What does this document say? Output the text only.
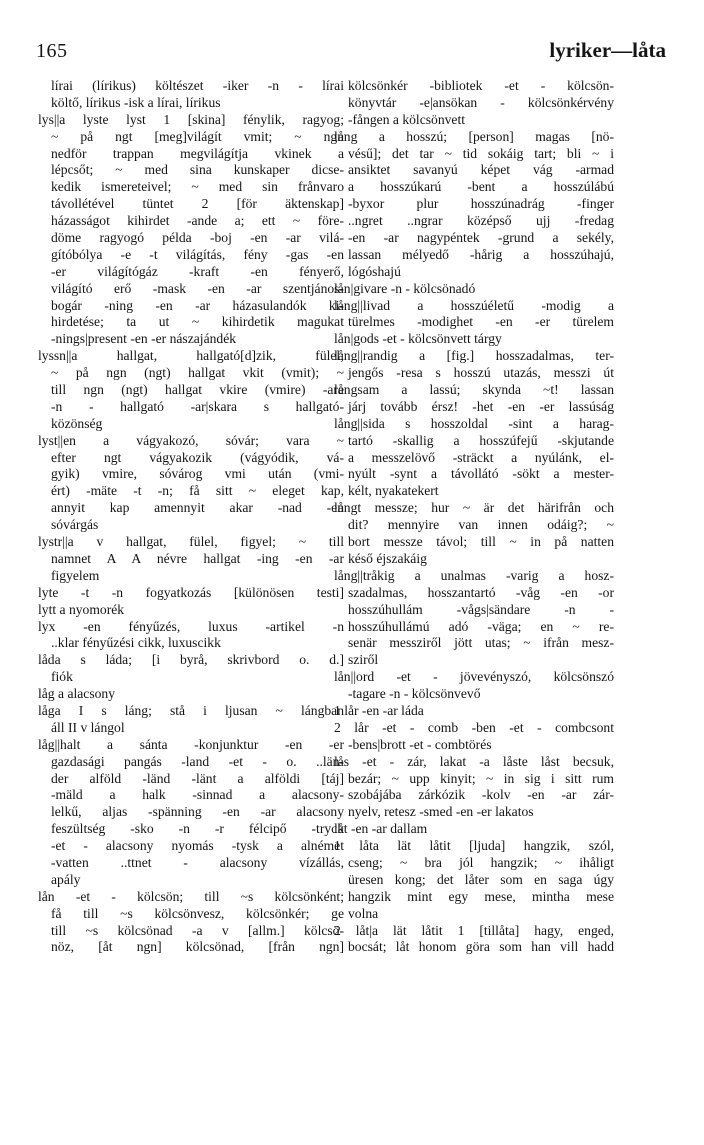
165	lyriker—låta
lírai (lírikus) költészet -iker -n - lírai
költő, lírikus -isk a lírai, lírikus
lys||a lyste lyst 1 [skina] fénylik, ragyog;
~ på ngt [meg]világít vmit; ~ ngn
nedför trappan megvilágítja vkinek a
lépcsőt; ~ med sina kunskaper dicse-
kedik ismereteivel; ~ med sin frånvaro
távollétével tüntet 2 [för äktenskap]
házasságot kihirdet -ande a; ett ~ före-
döme ragyogó példa -boj -en -ar vilá-
gítóbólya -e -t világítás, fény -gas -en
-er világítógáz -kraft -en fényerő,
világító erő -mask -en -ar szentjános-
bogár -ning -en -ar házasulandók ki-
hirdetése; ta ut ~ kihirdetik magukat
-nings|present -en -er nászajándék
lyssn||a hallgat, hallgató[d]zik, fülel;
~ på ngn (ngt) hallgat vkit (vmit); ~
till ngn (ngt) hallgat vkire (vmire) -are
-n - hallgató -ar|skara s hallgató-
közönség
lyst||en a vágyakozó, sóvár; vara ~
efter ngt vágyakozik (vágyódik, vá-
gyik) vmire, sóvárog vmi után (vmi-
ért) -mäte -t -n; få sitt ~ eleget kap,
annyit kap amennyit akar -nad -en
sóvárgás
lystr||a v hallgat, fülel, figyel; ~ till
namnet A A névre hallgat -ing -en -ar
figyelem
lyte -t -n fogyatkozás [különösen testi]
lytt a nyomorék
lyx -en fényűzés, luxus -artikel -n
..klar fényűzési cikk, luxuscikk
låda s láda; [i byrå, skrivbord o. d.]
fiók
låg a alacsony
låga I s láng; stå i ljusan ~ lángban
áll II v lángol
låg||halt a sánta -konjunktur -en -er
gazdasági pangás -land -et - o. ..län-
der alföld -länd -länt a alföldi [táj]
-mäld a halk -sinnad a alacsony-
lelkű, aljas -spänning -en -ar alacsony
feszültség -sko -n -r félcipő -tryck
-et - alacsony nyomás -tysk a alnémet
-vatten ..ttnet - alacsony vízállás,
apály
lån -et - kölcsön; till ~s kölcsönként;
få till ~s kölcsönvesz, kölcsönkér; ge
till ~s kölcsönad -a v [allm.] kölcsö-
nöz, [åt ngn] kölcsönad, [från ngn]
kölcsönkér -bibliotek -et - kölcsön-
könyvtár -e|ansökan - kölcsönkérvény
-fången a kölcsönvett
lång a hosszú; [person] magas [nö-
vésű]; det tar ~ tid sokáig tart; bli ~ i
ansiktet savanyú képet vág -armad
a hosszúkarú -bent a hosszúlábú
-byxor plur hosszúnadrág -finger
..ngret ..ngrar középső ujj -fredag
-en -ar nagypéntek -grund a sekély,
lassan mélyedő -hårig a hosszúhajú,
lógóshajú
lån|givare -n - kölcsönadó
lång||livad a hosszúéletű -modig a
türelmes -modighet -en -er türelem
lån|gods -et - kölcsönvett tárgy
lång||randig a [fig.] hosszadalmas, ter-
jengős -resa s hosszú utazás, messzi út
långsam a lassú; skynda ~t! lassan
járj tovább érsz! -het -en -er lassúság
lång||sida s hosszoldal -sint a harag-
tartó -skallig a hosszúfejű -skjutande
a messzelövő -sträckt a nyúlánk, el-
nyúlt -synt a távollátó -sökt a mester-
kélt, nyakatekert
långt messze; hur ~ är det härifrån och
dit? mennyire van innen odáig?; ~
bort messze távol; till ~ in på natten
késő éjszakáig
lång||tråkig a unalmas -varig a hosz-
szadalmas, hosszantartó -våg -en -or
hosszúhullám -vågs|sändare -n -
hosszúhullámú adó -väga; en ~ re-
senär messziről jött utas; ~ ifrån mesz-
sziről
lån||ord -et - jövevényszó, kölcsönszó
-tagare -n - kölcsönvevő
1 lår -en -ar láda
2 lår -et - comb -ben -et - combcsont
-bens|brott -et - combtörés
lås -et - zár, lakat -a låste låst becsuk,
bezár; ~ upp kinyit; ~ in sig i sitt rum
szobájába zárkózik -kolv -en -ar zár-
nyelv, retesz -smed -en -er lakatos
låt -en -ar dallam
1 låta lät låtit [ljuda] hangzik, szól,
cseng; ~ bra jól hangzik; ~ ihåligt
üresen kong; det låter som en saga úgy
hangzik mint egy mese, mintha mese
volna
2 låt|a lät låtit 1 [tillåta] hagy, enged,
bocsát; låt honom göra som han vill hadd
